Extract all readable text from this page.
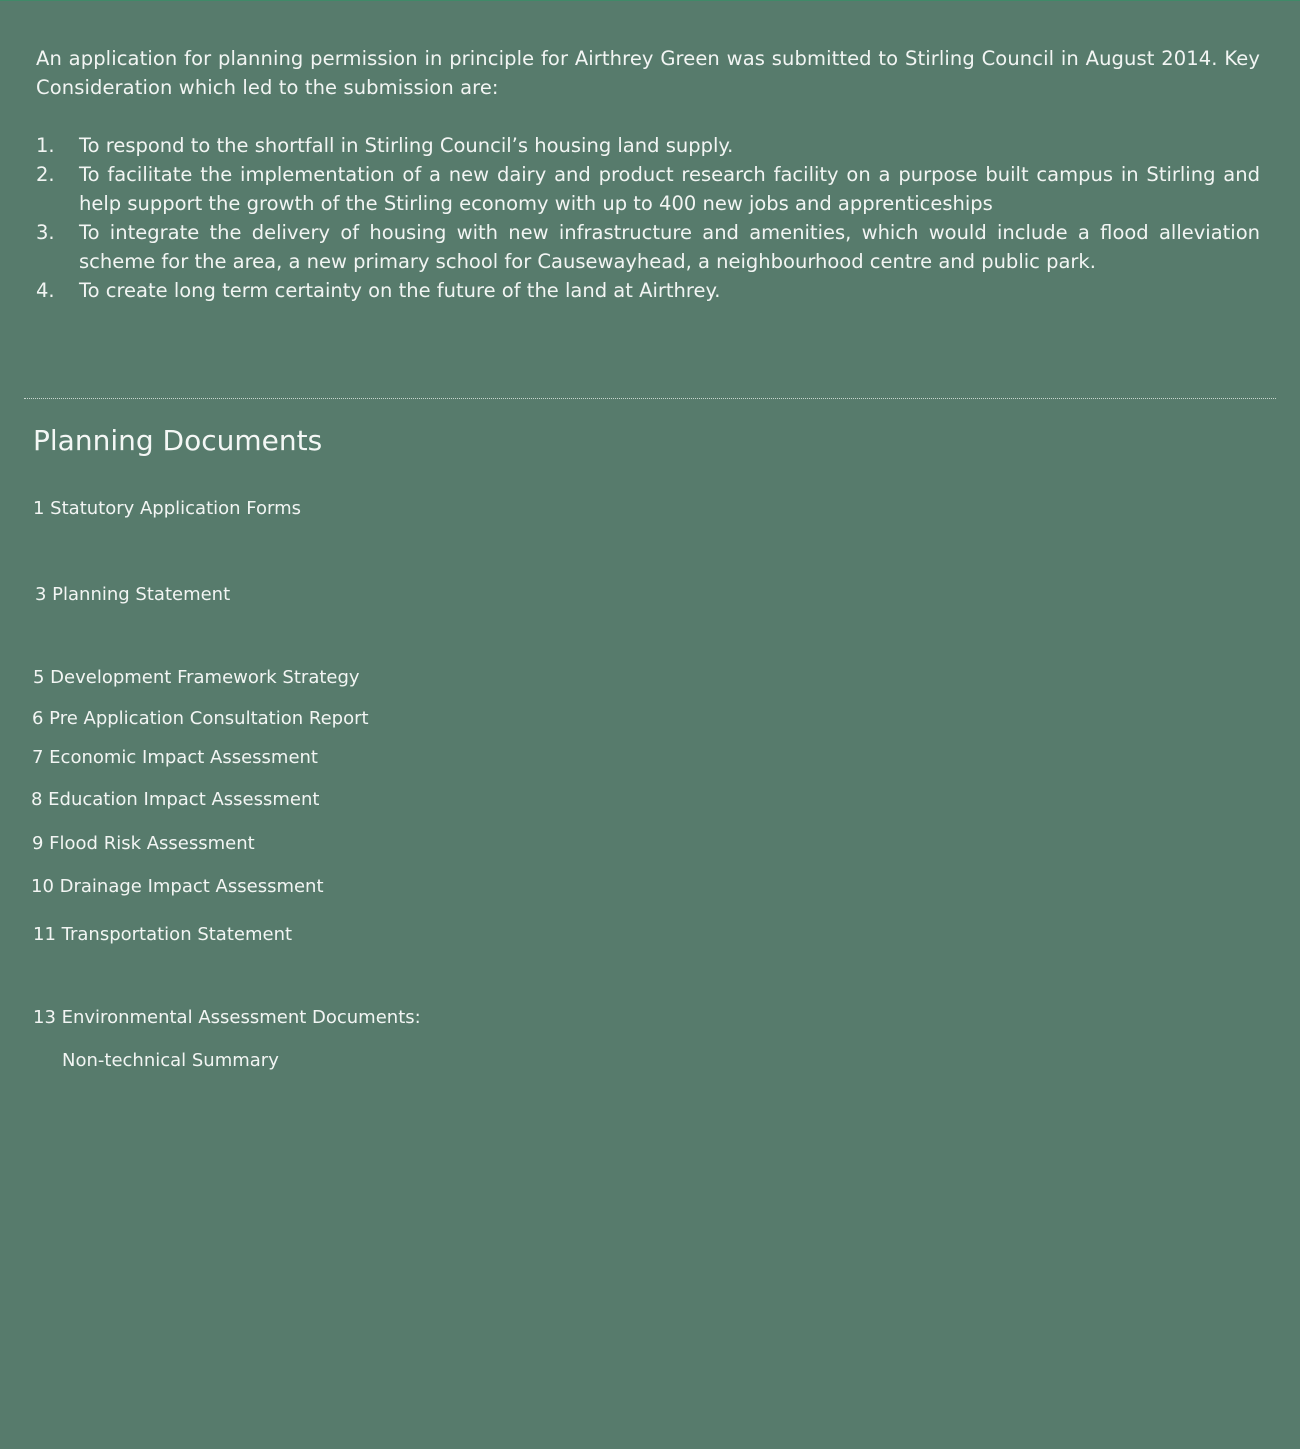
An application for planning permission in principle for Airthrey Green was submitted to Stirling Council in August 2014. Key Consideration which led to the submission are:

1. To respond to the shortfall in Stirling Council’s housing land supply.
2. To facilitate the implementation of a new dairy and product research facility on a purpose built campus in Stirling and help support the growth of the Stirling economy with up to 400 new jobs and apprenticeships
3. To integrate the delivery of housing with new infrastructure and amenities, which would include a flood alleviation scheme for the area, a new primary school for Causewayhead, a neighbourhood centre and public park.
4. To create long term certainty on the future of the land at Airthrey.
Planning Documents
1 Statutory Application Forms
3 Planning Statement
5 Development Framework Strategy
6 Pre Application Consultation Report
7 Economic Impact Assessment
8 Education Impact Assessment
9 Flood Risk Assessment
10 Drainage Impact Assessment
11 Transportation Statement
13 Environmental Assessment Documents:
Non-technical Summary
